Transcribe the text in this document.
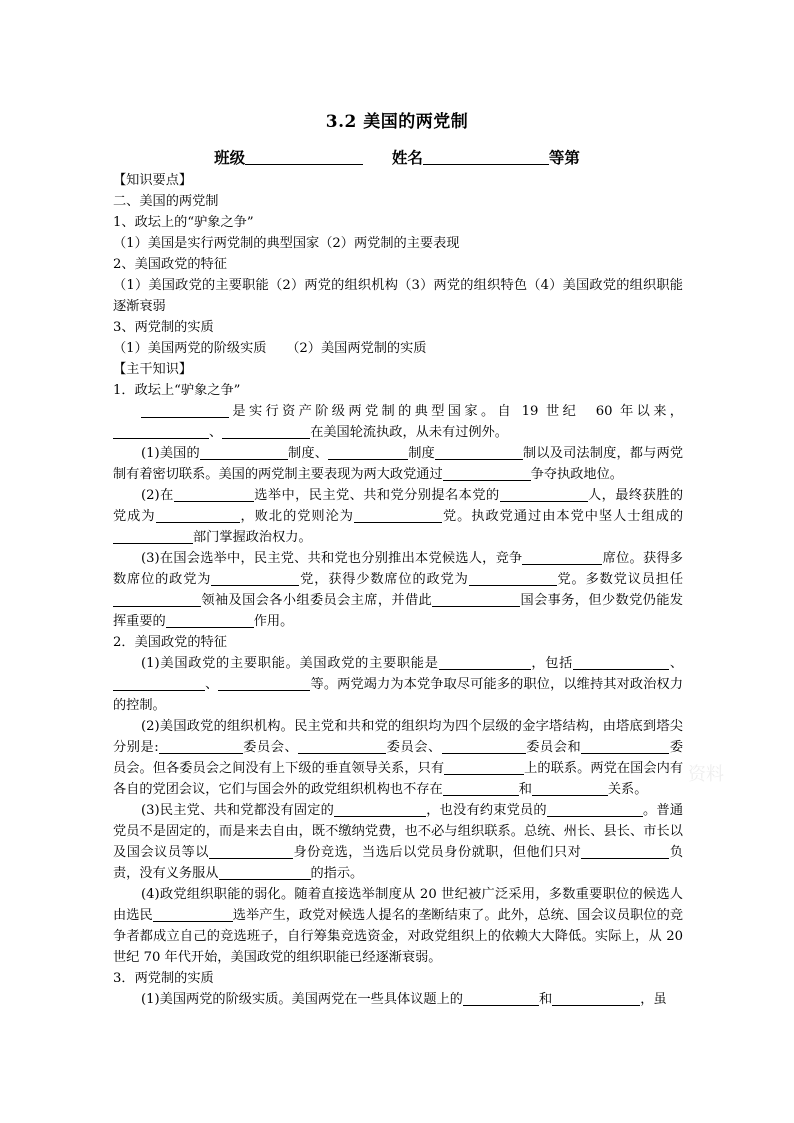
3.2 美国的两党制
班级	姓名	等第
【知识要点】
二、美国的两党制
1、政坛上的“驴象之争”
（1）美国是实行两党制的典型国家（2）两党制的主要表现
2、美国政党的特征
（1）美国政党的主要职能（2）两党的组织机构（3）两党的组织特色（4）美国政党的组织职能逐渐衰弱
3、两党制的实质
（1）美国两党的阶级实质　　（2）美国两党制的实质
【主干知识】
1．政坛上“驴象之争”
是实行资产阶级两党制的典型国家。自 19 世纪　60 年以来，、	在美国轮流执政，从未有过例外。
(1)美国的	制度、	制度	制以及司法制度，都与两党制有着密切联系。美国的两党制主要表现为两大政党通过	争夺执政地位。
(2)在	选举中，民主党、共和党分别提名本党的	人，最终获胜的党成为	，败北的党则沦为	党。执政党通过由本党中坚人士组成的部门掌握政治权力。
(3)在国会选举中，民主党、共和党也分别推出本党候选人，竞争	席位。获得多数席位的政党为	党，获得少数席位的政党为	党。多数党议员担任领袖及国会各小组委员会主席，并借此	国会事务，但少数党仍能发挥重要的	作用。
2．美国政党的特征
(1)美国政党的主要职能。美国政党的主要职能是	，包括	、、	等。两党竭力为本党争取尽可能多的职位，以维持其对政治权力的控制。
(2)美国政党的组织机构。民主党和共和党的组织均为四个层级的金字塔结构，由塔底到塔尖分别是:	委员会、	委员会、	委员会和	委员会。但各委员会之间没有上下级的垂直领导关系，只有	上的联系。两党在国会内有各自的党团会议，它们与国会外的政党组织机构也不存在	和	关系。
(3)民主党、共和党都没有固定的	，也没有约束党员的	。普通党员不是固定的，而是来去自由，既不缴纳党费，也不必与组织联系。总统、州长、县长、市长以及国会议员等以	身份竞选，当选后以党员身份就职，但他们只对	负责，没有义务服从	的指示。
(4)政党组织职能的弱化。随着直接选举制度从 20 世纪被广泛采用，多数重要职位的候选人由选民	选举产生，政党对候选人提名的垄断结束了。此外，总统、国会议员职位的竞争者都成立自己的竞选班子，自行筹集竞选资金，对政党组织上的依赖大大降低。实际上，从 20 世纪 70 年代开始，美国政党的组织职能已经逐渐衰弱。
3．两党制的实质
(1)美国两党的阶级实质。美国两党在一些具体议题上的	和	，虽
资料
